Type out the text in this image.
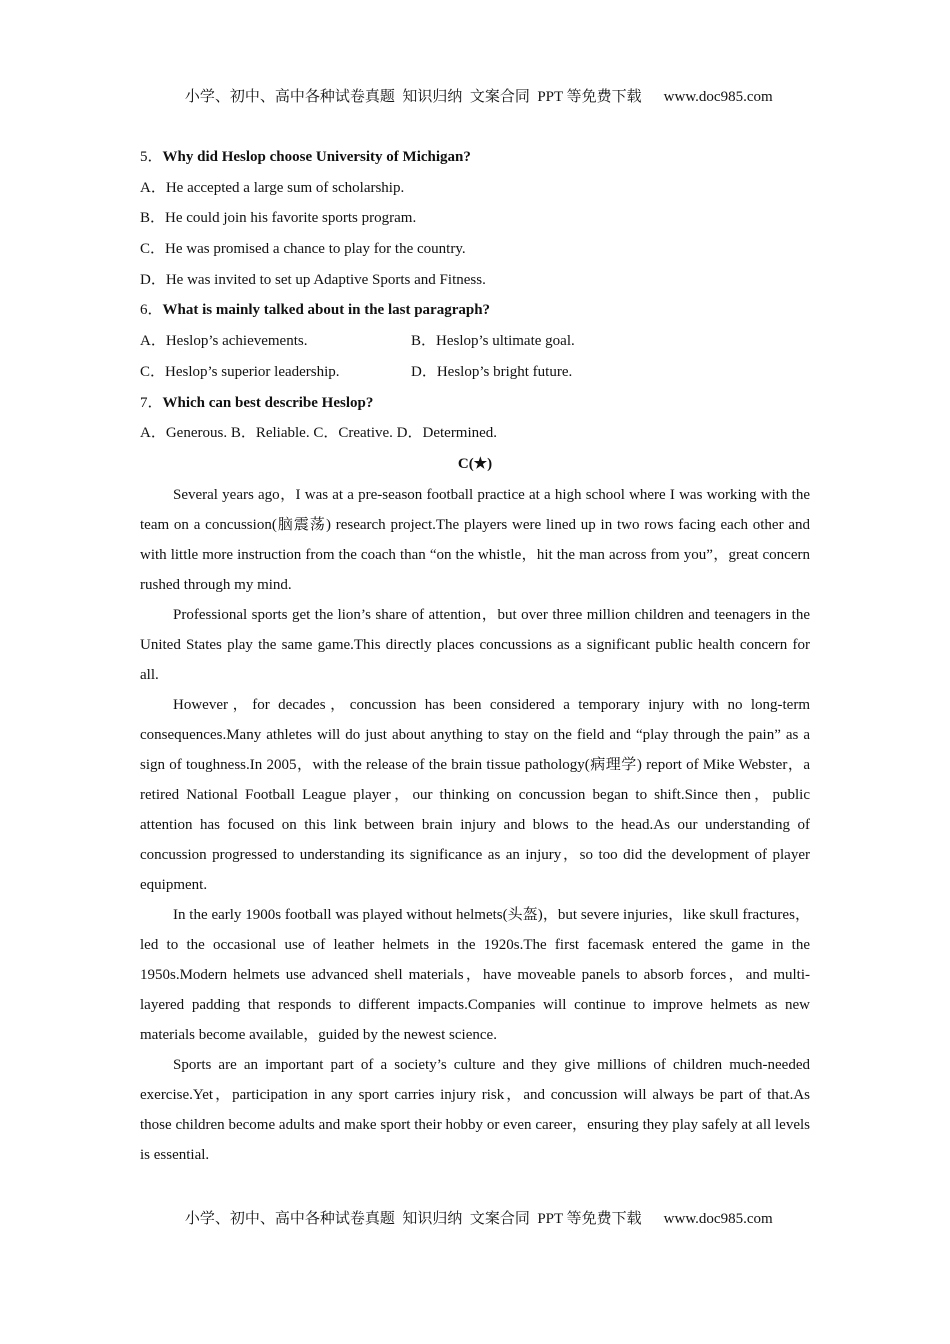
小学、初中、高中各种试卷真题  知识归纳  文案合同  PPT 等免费下载 www.doc985.com

5．Why did Heslop choose University of Michigan?
A．He accepted a large sum of scholarship.
B．He could join his favorite sports program.
C．He was promised a chance to play for the country.
D．He was invited to set up Adaptive Sports and Fitness.
6．What is mainly talked about in the last paragraph?
A．Heslop’s achievements.	B．Heslop’s ultimate goal.
C．Heslop’s superior leadership.	D．Heslop’s bright future.
7．Which can best describe Heslop?
A．Generous. B．Reliable. C．Creative. D．Determined.
C(★)

Several years ago，I was at a pre-season football practice at a high school where I was working with the team on a concussion(脑震荡) research project.The players were lined up in two rows facing each other and with little more instruction from the coach than “on the whistle，hit the man across from you”，great concern rushed through my mind.

Professional sports get the lion’s share of attention，but over three million children and teenagers in the United States play the same game.This directly places concussions as a significant public health concern for all.

However，for decades，concussion has been considered a temporary injury with no long-term consequences.Many athletes will do just about anything to stay on the field and “play through the pain” as a sign of toughness.In 2005，with the release of the brain tissue pathology(病理学) report of Mike Webster，a retired National Football League player，our thinking on concussion began to shift.Since then，public attention has focused on this link between brain injury and blows to the head.As our understanding of concussion progressed to understanding its significance as an injury，so too did the development of player equipment.

In the early 1900s football was played without helmets(头盔)，but severe injuries，like skull fractures，led to the occasional use of leather helmets in the 1920s.The first facemask entered the game in the 1950s.Modern helmets use advanced shell materials，have moveable panels to absorb forces，and multi-layered padding that responds to different impacts.Companies will continue to improve helmets as new materials become available，guided by the newest science.

Sports are an important part of a society’s culture and they give millions of children much-needed exercise.Yet，participation in any sport carries injury risk，and concussion will always be part of that.As those children become adults and make sport their hobby or even career，ensuring they play safely at all levels is essential.

小学、初中、高中各种试卷真题  知识归纳  文案合同  PPT 等免费下载 www.doc985.com
